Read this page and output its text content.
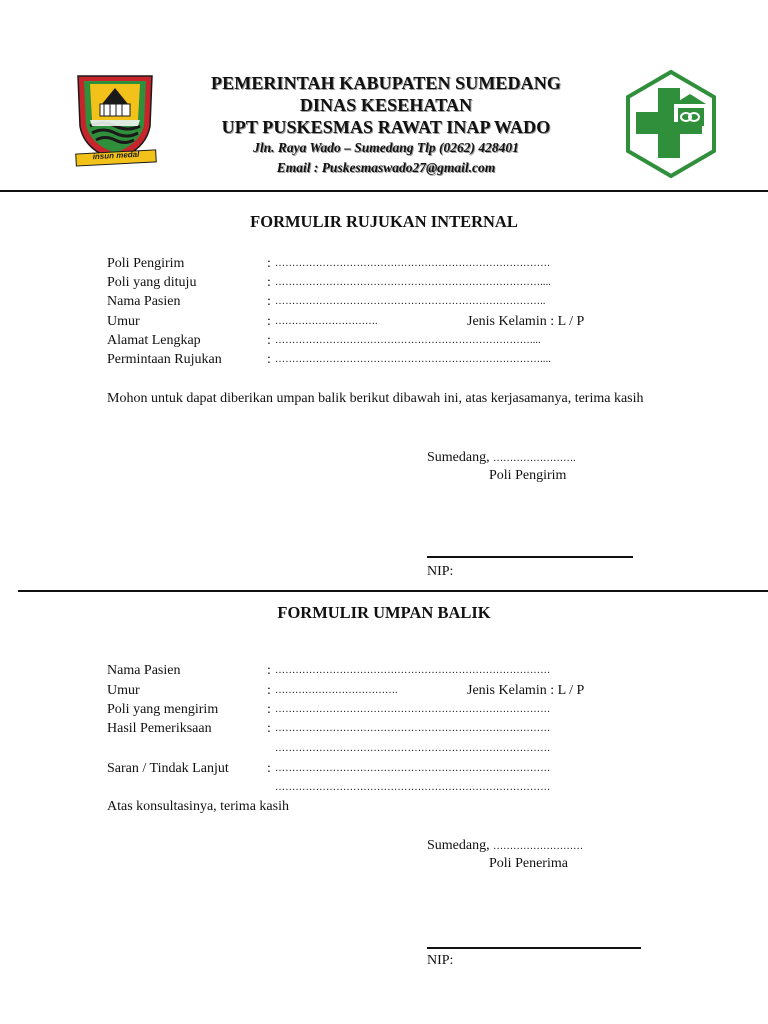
insun medal
PEMERINTAH KABUPATEN SUMEDANG
DINAS KESEHATAN
UPT PUSKESMAS RAWAT INAP WADO
Jln. Raya Wado – Sumedang Tlp (0262) 428401
Email : Puskesmaswado27@gmail.com
FORMULIR RUJUKAN INTERNAL
Poli Pengirim	: ………………………………………………………………………
Poli yang dituju	: ……………………………………………………………………....
Nama Pasien	: ……………………………………………………………………..
Umur	: ………………………….	Jenis Kelamin : L / P
Alamat Lengkap	: …………………………………………………………………....
Permintaan Rujukan	: ……………………………………………………………………....
Mohon untuk dapat diberikan umpan balik berikut dibawah ini, atas kerjasamanya, terima kasih
Sumedang, …………………….
Poli Pengirim
NIP:
FORMULIR UMPAN BALIK
Nama Pasien	: ………………………………………………………………………
Umur	: ……………………………….	Jenis Kelamin : L / P
Poli yang mengirim	: ………………………………………………………………………
Hasil Pemeriksaan	: ………………………………………………………………………
………………………………………………………………………
Saran / Tindak Lanjut	: ………………………………………………………………………
………………………………………………………………………
Atas konsultasinya, terima kasih
Sumedang, ………………………
Poli Penerima
NIP:
